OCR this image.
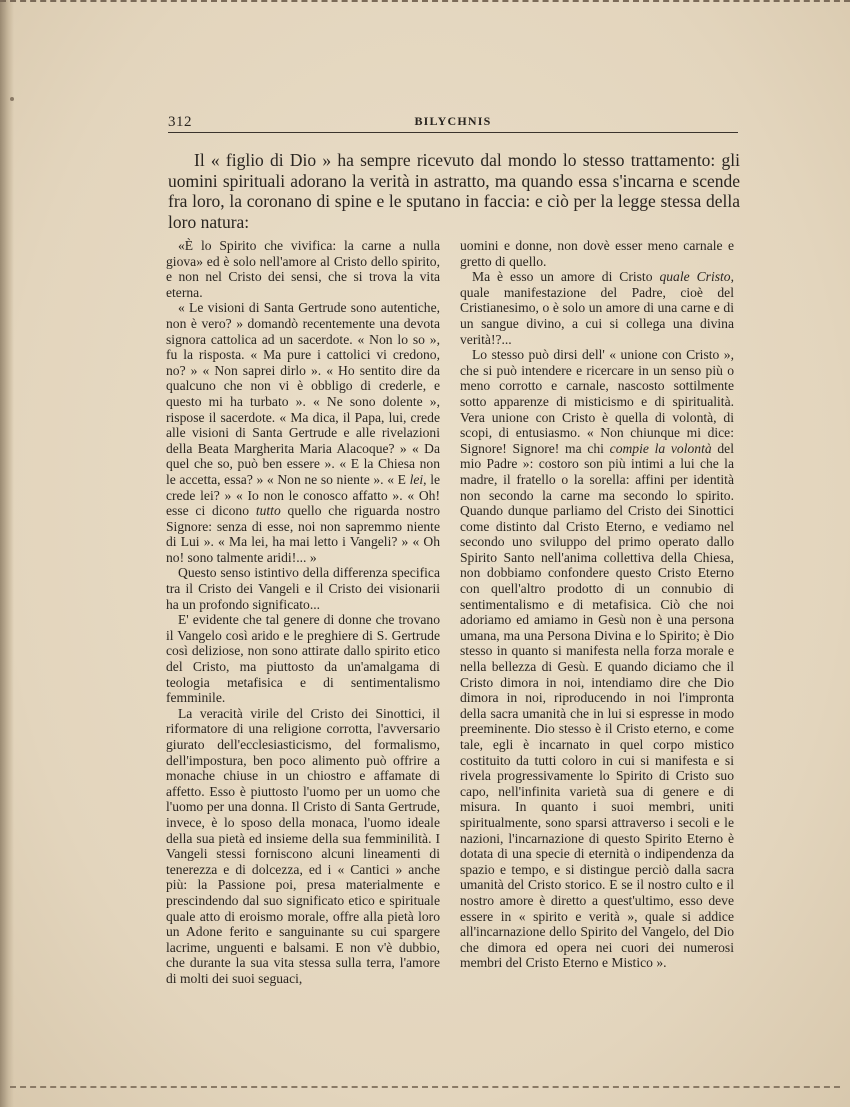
312	BILYCHNIS

Il « figlio di Dio » ha sempre ricevuto dal mondo lo stesso trattamento: gli uomini spirituali adorano la verità in astratto, ma quando essa s'incarna e scende fra loro, la coronano di spine e le sputano in faccia: e ciò per la legge stessa della loro natura:

«È lo Spirito che vivifica: la carne a nulla giova» ed è solo nell'amore al Cristo dello spirito, e non nel Cristo dei sensi, che si trova la vita eterna.

« Le visioni di Santa Gertrude sono autentiche, non è vero? » domandò recentemente una devota signora cattolica ad un sacerdote. « Non lo so », fu la risposta. « Ma pure i cattolici vi credono, no? » « Non saprei dirlo ». « Ho sentito dire da qualcuno che non vi è obbligo di crederle, e questo mi ha turbato ». « Ne sono dolente », rispose il sacerdote. « Ma dica, il Papa, lui, crede alle visioni di Santa Gertrude e alle rivelazioni della Beata Margherita Maria Alacoque? » « Da quel che so, può ben essere ». « E la Chiesa non le accetta, essa? » « Non ne so niente ». « E lei, le crede lei? » « Io non le conosco affatto ». « Oh! esse ci dicono tutto quello che riguarda nostro Signore: senza di esse, noi non sapremmo niente di Lui ». « Ma lei, ha mai letto i Vangeli? » « Oh no! sono talmente aridi!... »

Questo senso istintivo della differenza specifica tra il Cristo dei Vangeli e il Cristo dei visionarii ha un profondo significato...

E' evidente che tal genere di donne che trovano il Vangelo così arido e le preghiere di S. Gertrude così deliziose, non sono attirate dallo spirito etico del Cristo, ma piuttosto da un'amalgama di teologia metafisica e di sentimentalismo femminile.

La veracità virile del Cristo dei Sinottici, il riformatore di una religione corrotta, l'avversario giurato dell'ecclesiasticismo, del formalismo, dell'impostura, ben poco alimento può offrire a monache chiuse in un chiostro e affamate di affetto. Esso è piuttosto l'uomo per un uomo che l'uomo per una donna. Il Cristo di Santa Gertrude, invece, è lo sposo della monaca, l'uomo ideale della sua pietà ed insieme della sua femminilità. I Vangeli stessi forniscono alcuni lineamenti di tenerezza e di dolcezza, ed i « Cantici » anche più: la Passione poi, presa materialmente e prescindendo dal suo significato etico e spirituale quale atto di eroismo morale, offre alla pietà loro un Adone ferito e sanguinante su cui spargere lacrime, unguenti e balsami. E non v'è dubbio, che durante la sua vita stessa sulla terra, l'amore di molti dei suoi seguaci,

uomini e donne, non dovè esser meno carnale e gretto di quello.

Ma è esso un amore di Cristo quale Cristo, quale manifestazione del Padre, cioè del Cristianesimo, o è solo un amore di una carne e di un sangue divino, a cui si collega una divina verità!?...

Lo stesso può dirsi dell' « unione con Cristo », che si può intendere e ricercare in un senso più o meno corrotto e carnale, nascosto sottilmente sotto apparenze di misticismo e di spiritualità. Vera unione con Cristo è quella di volontà, di scopi, di entusiasmo. « Non chiunque mi dice: Signore! Signore! ma chi compie la volontà del mio Padre »: costoro son più intimi a lui che la madre, il fratello o la sorella: affini per identità non secondo la carne ma secondo lo spirito. Quando dunque parliamo del Cristo dei Sinottici come distinto dal Cristo Eterno, e vediamo nel secondo uno sviluppo del primo operato dallo Spirito Santo nell'anima collettiva della Chiesa, non dobbiamo confondere questo Cristo Eterno con quell'altro prodotto di un connubio di sentimentalismo e di metafisica. Ciò che noi adoriamo ed amiamo in Gesù non è una persona umana, ma una Persona Divina e lo Spirito; è Dio stesso in quanto si manifesta nella forza morale e nella bellezza di Gesù. E quando diciamo che il Cristo dimora in noi, intendiamo dire che Dio dimora in noi, riproducendo in noi l'impronta della sacra umanità che in lui si espresse in modo preeminente. Dio stesso è il Cristo eterno, e come tale, egli è incarnato in quel corpo mistico costituito da tutti coloro in cui si manifesta e si rivela progressivamente lo Spirito di Cristo suo capo, nell'infinita varietà sua di genere e di misura. In quanto i suoi membri, uniti spiritualmente, sono sparsi attraverso i secoli e le nazioni, l'incarnazione di questo Spirito Eterno è dotata di una specie di eternità o indipendenza da spazio e tempo, e si distingue perciò dalla sacra umanità del Cristo storico. E se il nostro culto e il nostro amore è diretto a quest'ultimo, esso deve essere in « spirito e verità », quale si addice all'incarnazione dello Spirito del Vangelo, del Dio che dimora ed opera nei cuori dei numerosi membri del Cristo Eterno e Mistico ».
